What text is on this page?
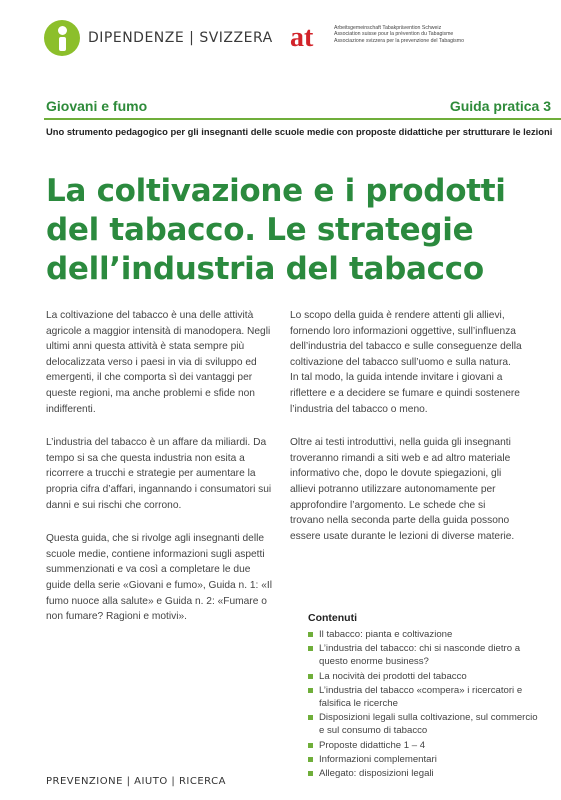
DIPENDENZE | SVIZZERA at	Arbeitsgemeinschaft Tabakprävention Schweiz
Association suisse pour la prévention du Tabagisme
Associazione svizzera per la prevenzione del Tabagismo
Giovani e fumo	Guida pratica 3
Uno strumento pedagogico per gli insegnanti delle scuole medie con proposte didattiche per strutturare le lezioni
La coltivazione e i prodotti del tabacco. Le strategie dell’industria del tabacco

La coltivazione del tabacco è una delle attività agricole a maggior intensità di manodopera. Negli ultimi anni questa attività è stata sempre più delocalizzata verso i paesi in via di sviluppo ed emergenti, il che comporta sì dei vantaggi per queste regioni, ma anche problemi e sfide non indifferenti.

L’industria del tabacco è un affare da miliardi. Da tempo si sa che questa industria non esita a ricorrere a trucchi e strategie per aumentare la propria cifra d’affari, ingannando i consumatori sui danni e sui rischi che corrono.

Questa guida, che si rivolge agli insegnanti delle scuole medie, contiene informazioni sugli aspetti summenzionati e va così a completare le due guide della serie «Giovani e fumo», Guida n. 1: «Il fumo nuoce alla salute» e Guida n. 2: «Fumare o non fumare? Ragioni e motivi».

Lo scopo della guida è rendere attenti gli allievi, fornendo loro informazioni oggettive, sull’influenza dell’industria del tabacco e sulle conseguenze della coltivazione del tabacco sull’uomo e sulla natura. In tal modo, la guida intende invitare i giovani a riflettere e a decidere se fumare e quindi sostenere l’industria del tabacco o meno.

Oltre ai testi introduttivi, nella guida gli insegnanti troveranno rimandi a siti web e ad altro materiale informativo che, dopo le dovute spiegazioni, gli allievi potranno utilizzare autonomamente per approfondire l’argomento. Le schede che si trovano nella seconda parte della guida possono essere usate durante le lezioni di diverse materie.

Contenuti
Il tabacco: pianta e coltivazione
L’industria del tabacco: chi si nasconde dietro a questo enorme business?
La nocività dei prodotti del tabacco
L’industria del tabacco «compera» i ricercatori e falsifica le ricerche
Disposizioni legali sulla coltivazione, sul commercio e sul consumo di tabacco
Proposte didattiche 1 – 4
Informazioni complementari
Allegato: disposizioni legali
PREVENZIONE | AIUTO | RICERCA
